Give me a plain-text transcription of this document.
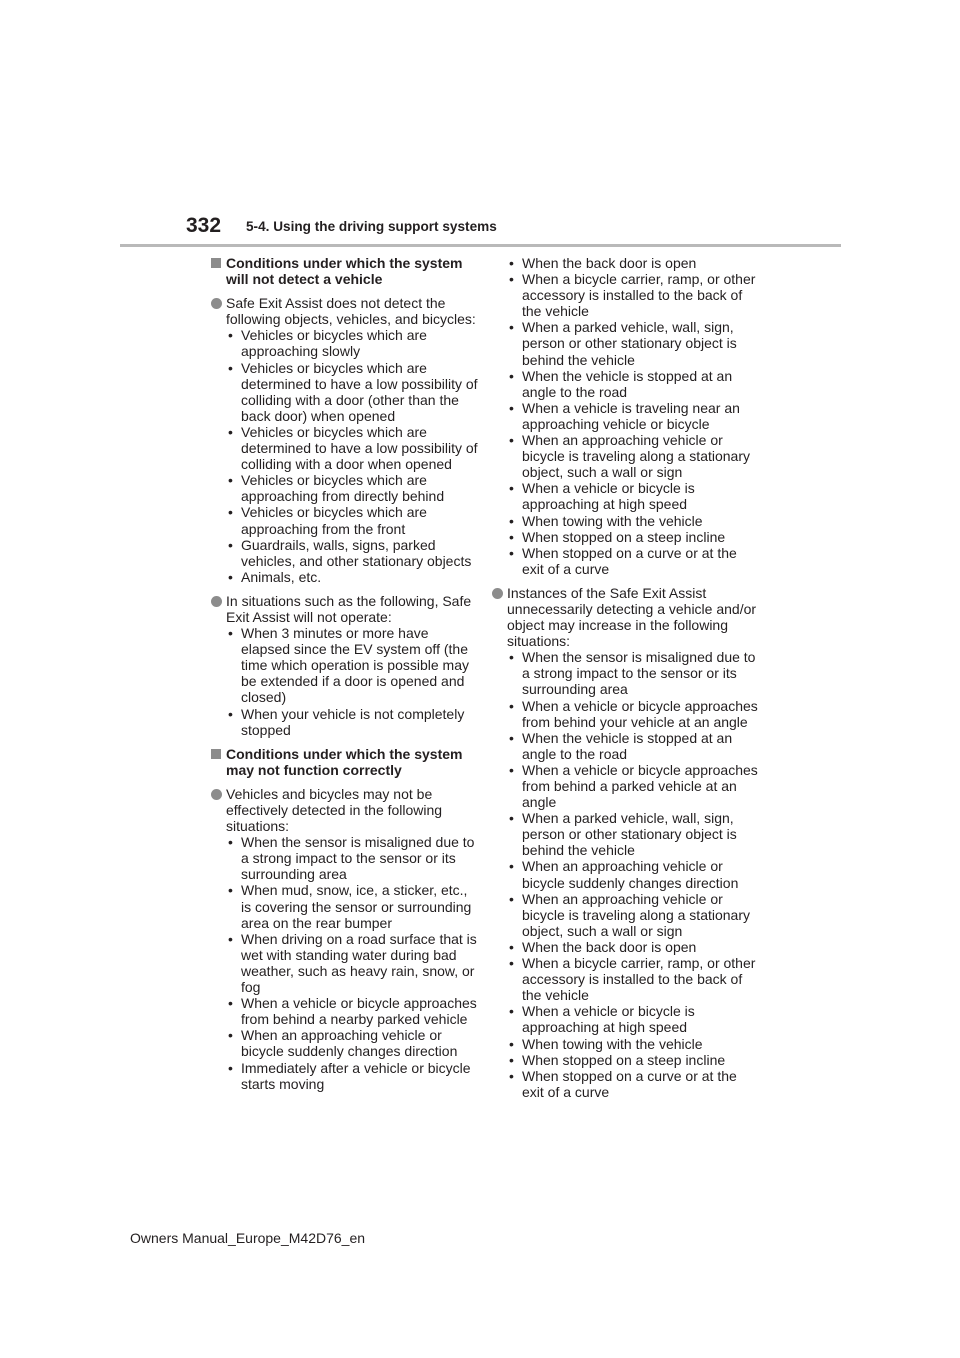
332 5-4. Using the driving support systems
Conditions under which the system will not detect a vehicle
Safe Exit Assist does not detect the following objects, vehicles, and bicycles:
• Vehicles or bicycles which are approaching slowly
• Vehicles or bicycles which are determined to have a low possibility of colliding with a door (other than the back door) when opened
• Vehicles or bicycles which are determined to have a low possibility of colliding with a door when opened
• Vehicles or bicycles which are approaching from directly behind
• Vehicles or bicycles which are approaching from the front
• Guardrails, walls, signs, parked vehicles, and other stationary objects
• Animals, etc.
In situations such as the following, Safe Exit Assist will not operate:
• When 3 minutes or more have elapsed since the EV system off (the time which operation is possible may be extended if a door is opened and closed)
• When your vehicle is not completely stopped
Conditions under which the system may not function correctly
Vehicles and bicycles may not be effectively detected in the following situations:
• When the sensor is misaligned due to a strong impact to the sensor or its surrounding area
• When mud, snow, ice, a sticker, etc., is covering the sensor or surrounding area on the rear bumper
• When driving on a road surface that is wet with standing water during bad weather, such as heavy rain, snow, or fog
• When a vehicle or bicycle approaches from behind a nearby parked vehicle
• When an approaching vehicle or bicycle suddenly changes direction
• Immediately after a vehicle or bicycle starts moving
• When the back door is open
• When a bicycle carrier, ramp, or other accessory is installed to the back of the vehicle
• When a parked vehicle, wall, sign, person or other stationary object is behind the vehicle
• When the vehicle is stopped at an angle to the road
• When a vehicle is traveling near an approaching vehicle or bicycle
• When an approaching vehicle or bicycle is traveling along a stationary object, such a wall or sign
• When a vehicle or bicycle is approaching at high speed
• When towing with the vehicle
• When stopped on a steep incline
• When stopped on a curve or at the exit of a curve
Instances of the Safe Exit Assist unnecessarily detecting a vehicle and/or object may increase in the following situations:
• When the sensor is misaligned due to a strong impact to the sensor or its surrounding area
• When a vehicle or bicycle approaches from behind your vehicle at an angle
• When the vehicle is stopped at an angle to the road
• When a vehicle or bicycle approaches from behind a parked vehicle at an angle
• When a parked vehicle, wall, sign, person or other stationary object is behind the vehicle
• When an approaching vehicle or bicycle suddenly changes direction
• When an approaching vehicle or bicycle is traveling along a stationary object, such a wall or sign
• When the back door is open
• When a bicycle carrier, ramp, or other accessory is installed to the back of the vehicle
• When a vehicle or bicycle is approaching at high speed
• When towing with the vehicle
• When stopped on a steep incline
• When stopped on a curve or at the exit of a curve
Owners Manual_Europe_M42D76_en
